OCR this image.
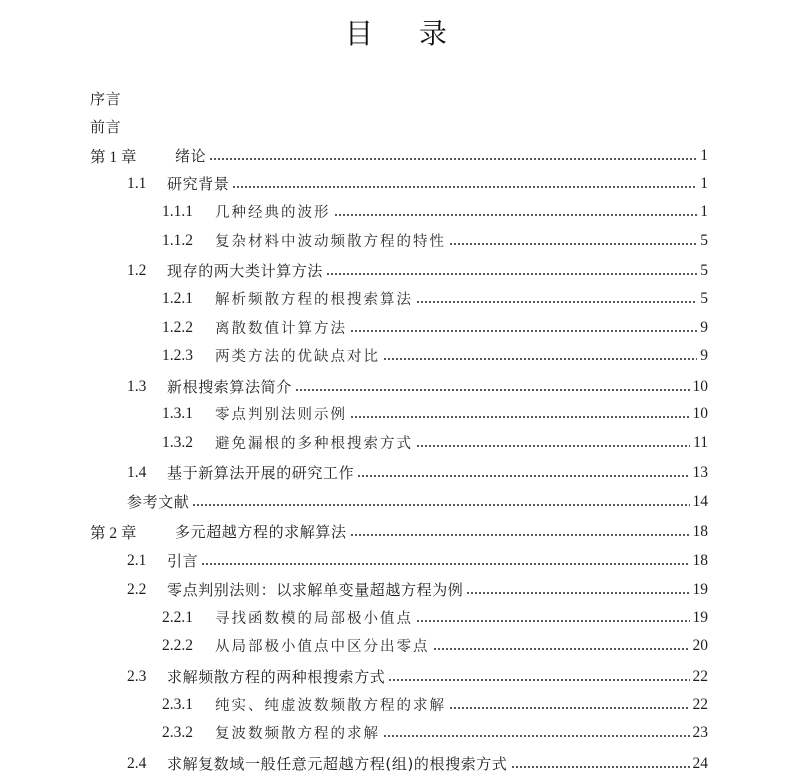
目录
序言
前言
第 1 章	绪论	1
1.1	研究背景	1
1.1.1	几种经典的波形	1
1.1.2	复杂材料中波动频散方程的特性	5
1.2	现存的两大类计算方法	5
1.2.1	解析频散方程的根搜索算法	5
1.2.2	离散数值计算方法	9
1.2.3	两类方法的优缺点对比	9
1.3	新根搜索算法简介	10
1.3.1	零点判别法则示例	10
1.3.2	避免漏根的多种根搜索方式	11
1.4	基于新算法开展的研究工作	13
参考文献	14
第 2 章	多元超越方程的求解算法	18
2.1	引言	18
2.2	零点判别法则：以求解单变量超越方程为例	19
2.2.1	寻找函数模的局部极小值点	19
2.2.2	从局部极小值点中区分出零点	20
2.3	求解频散方程的两种根搜索方式	22
2.3.1	纯实、纯虚波数频散方程的求解	22
2.3.2	复波数频散方程的求解	23
2.4	求解复数域一般任意元超越方程(组)的根搜索方式	24
